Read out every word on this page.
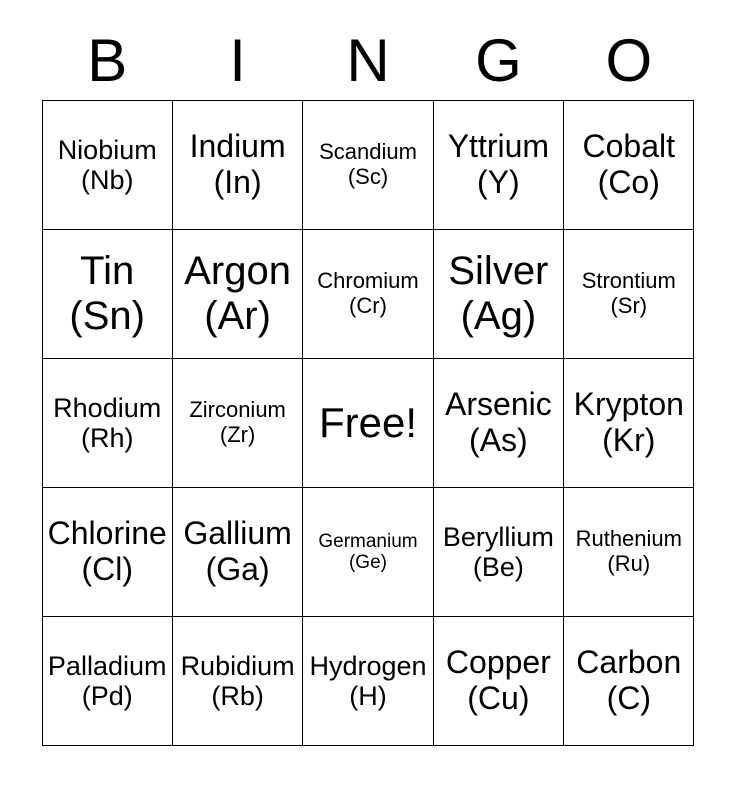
B	I	N	G	O
Niobium
(Nb)	Indium
(In)	Scandium
(Sc)	Yttrium
(Y)	Cobalt
(Co)

Tin
(Sn)	Argon
(Ar)	Chromium
(Cr)	Silver
(Ag)	Strontium
(Sr)

Rhodium
(Rh)	Zirconium
(Zr)	Free!	Arsenic
(As)	Krypton
(Kr)

Chlorine
(Cl)	Gallium
(Ga)	Germanium
(Ge)	Beryllium
(Be)	Ruthenium
(Ru)

Palladium
(Pd)	Rubidium
(Rb)	Hydrogen
(H)	Copper
(Cu)	Carbon
(C)
